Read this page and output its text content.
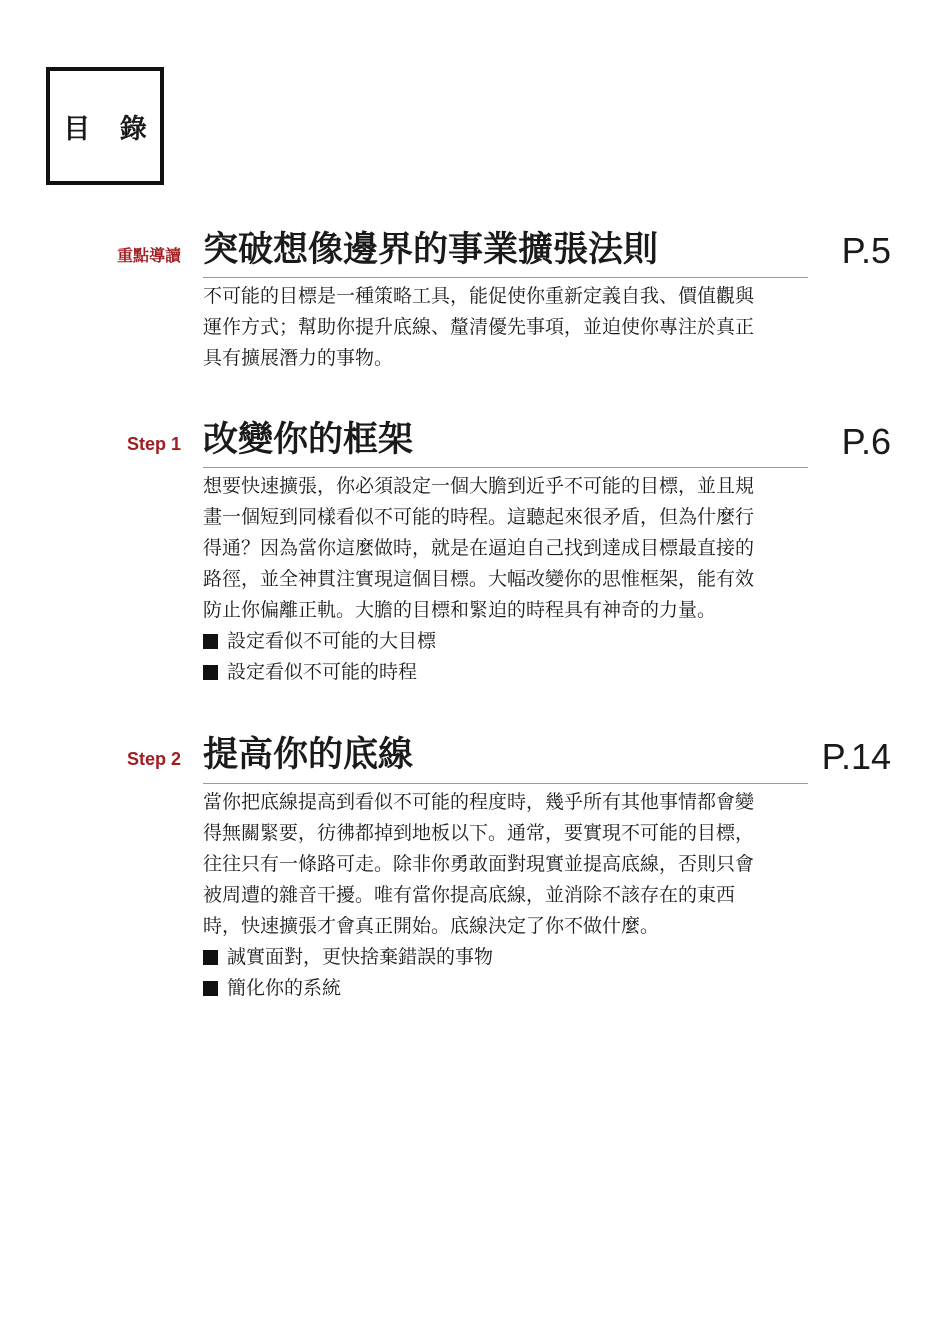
目 錄
重點導讀 突破想像邊界的事業擴張法則	P.5

不可能的目標是一種策略工具，能促使你重新定義自我、價值觀與

運作方式；幫助你提升底線、釐清優先事項，並迫使你專注於真正

具有擴展潛力的事物。

Step 1 改變你的框架	P.6

想要快速擴張，你必須設定一個大膽到近乎不可能的目標，並且規

畫一個短到同樣看似不可能的時程。這聽起來很矛盾，但為什麼行

得通？因為當你這麼做時，就是在逼迫自己找到達成目標最直接的

路徑，並全神貫注實現這個目標。大幅改變你的思惟框架，能有效

防止你偏離正軌。大膽的目標和緊迫的時程具有神奇的力量。

設定看似不可能的大目標
設定看似不可能的時程
Step 2 提高你的底線	P.14

當你把底線提高到看似不可能的程度時，幾乎所有其他事情都會變

得無關緊要，彷彿都掉到地板以下。通常，要實現不可能的目標，

往往只有一條路可走。除非你勇敢面對現實並提高底線，否則只會

被周遭的雜音干擾。唯有當你提高底線，並消除不該存在的東西

時，快速擴張才會真正開始。底線決定了你不做什麼。

誠實面對，更快捨棄錯誤的事物
簡化你的系統
